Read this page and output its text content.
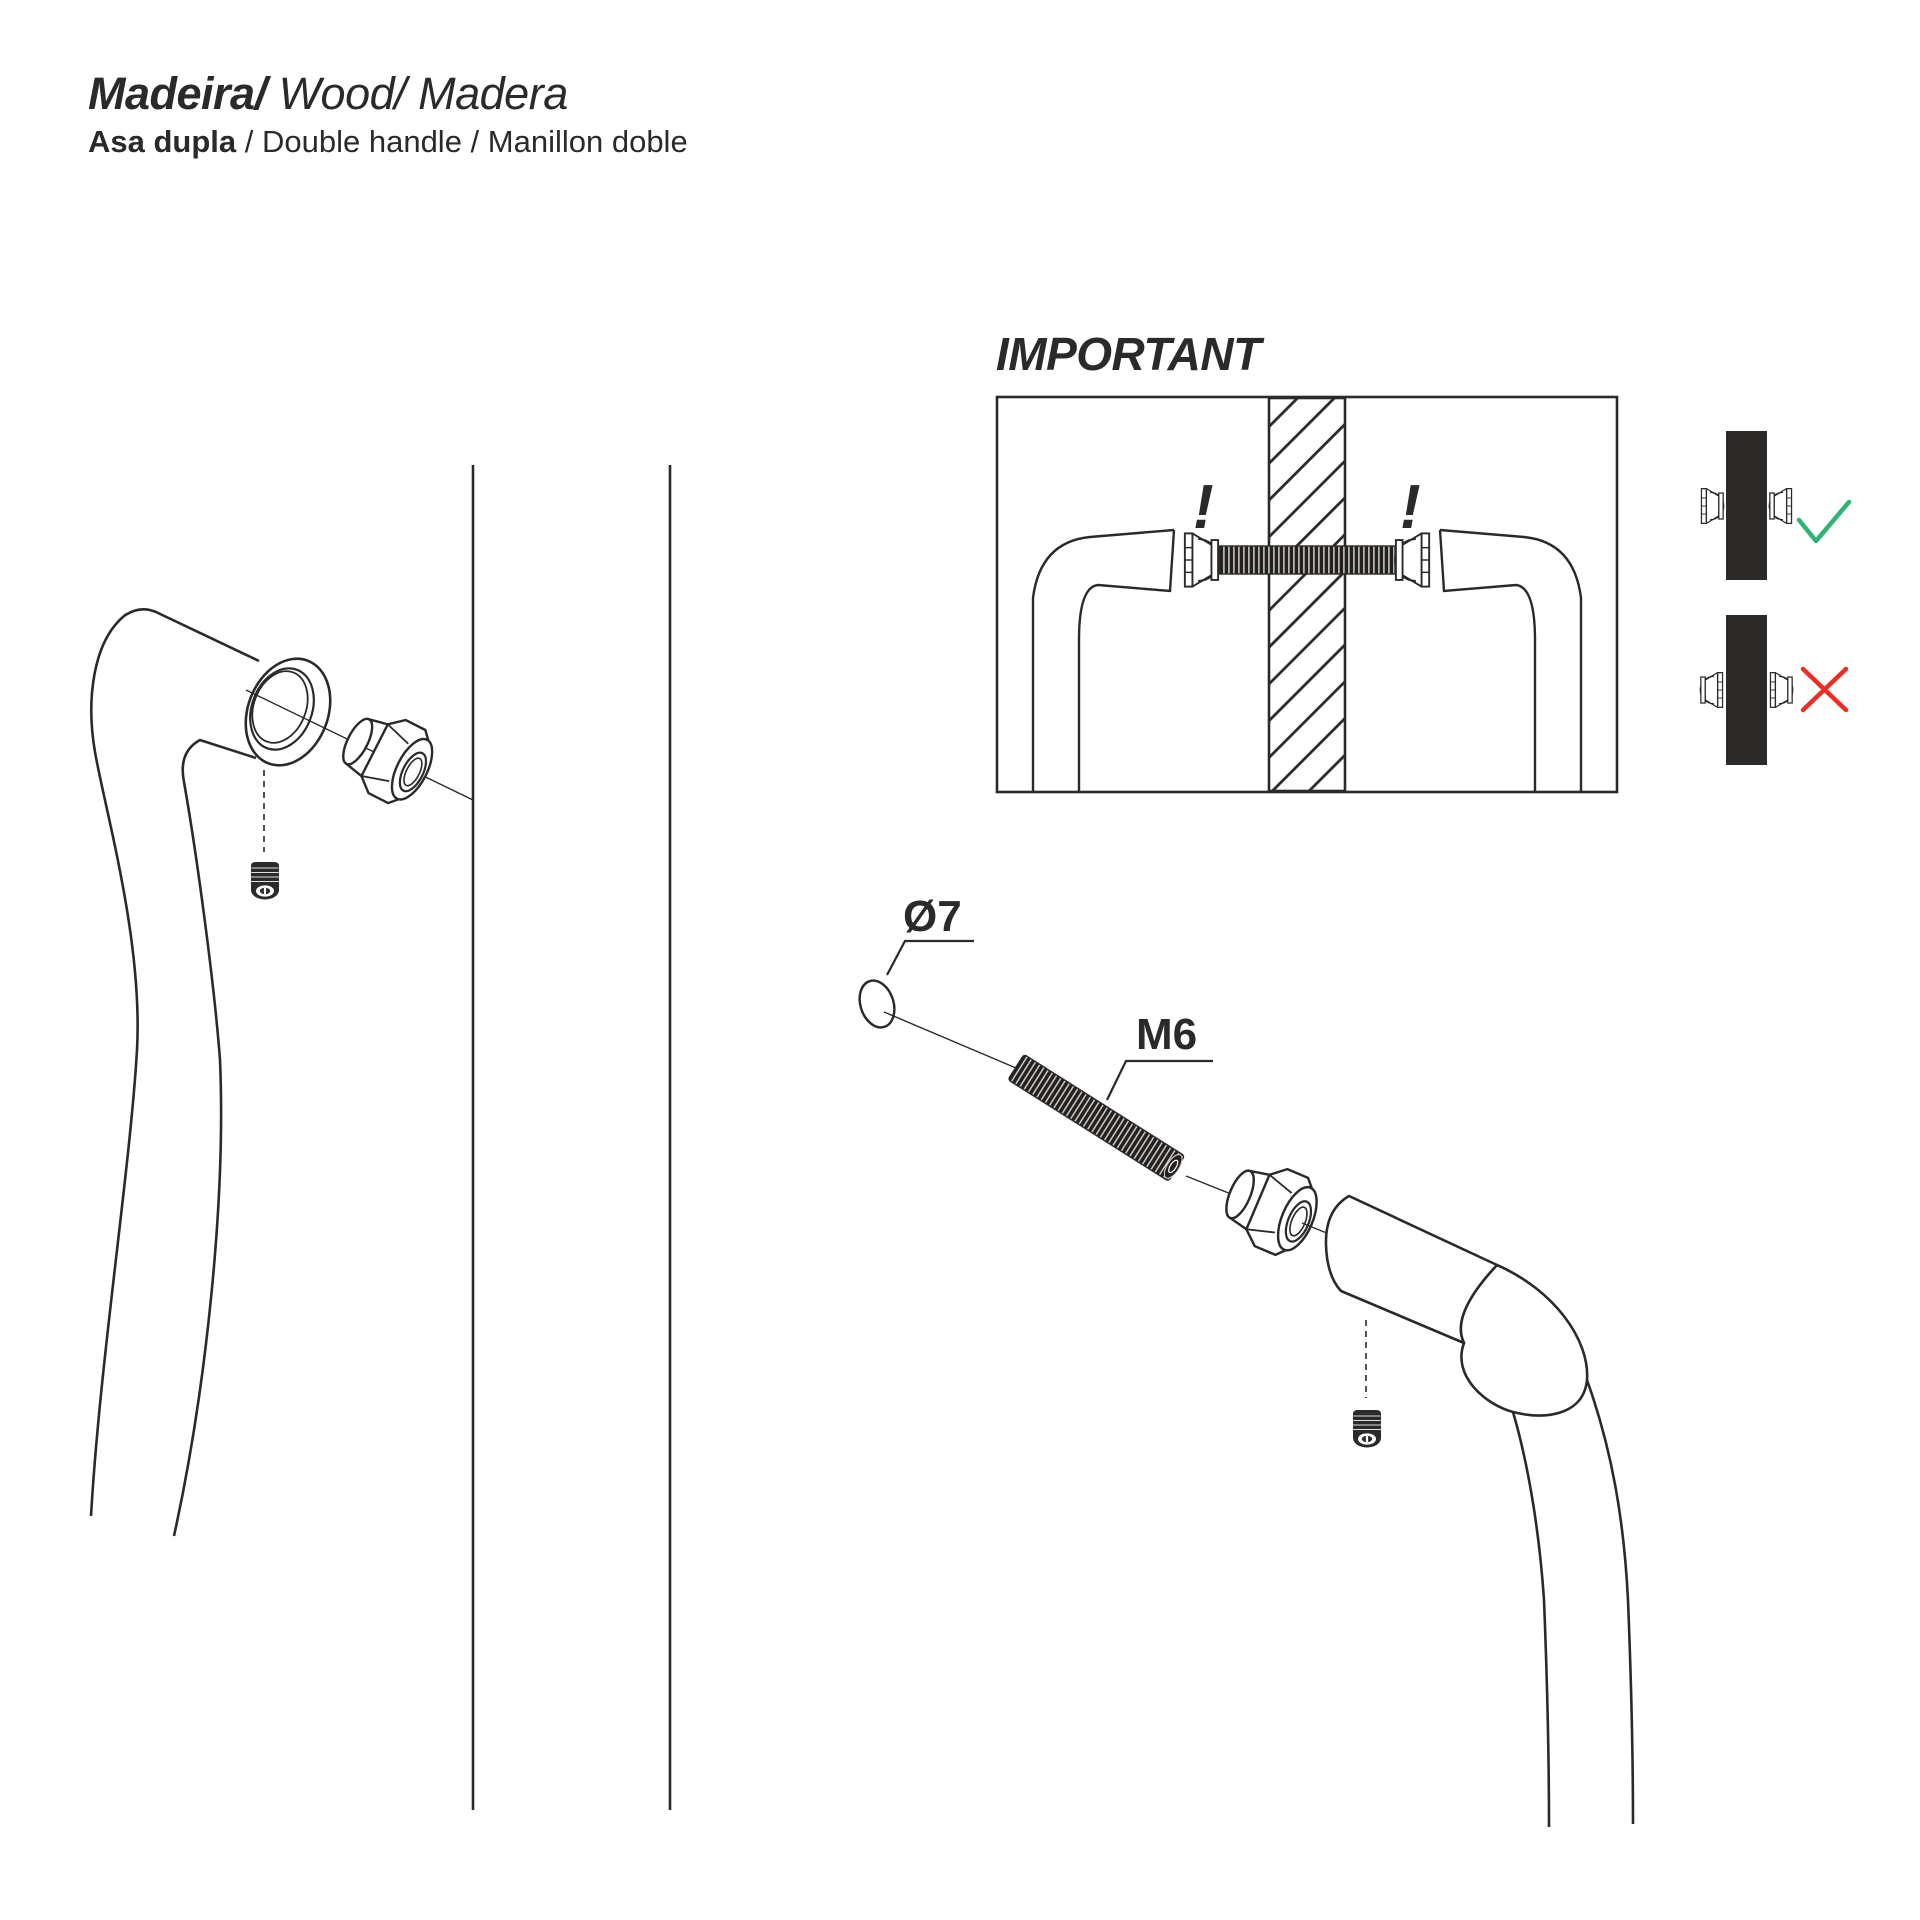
!	!
Madeira/ Wood/ Madera
Asa dupla / Double handle / Manillon doble
IMPORTANT
Ø7
M6
